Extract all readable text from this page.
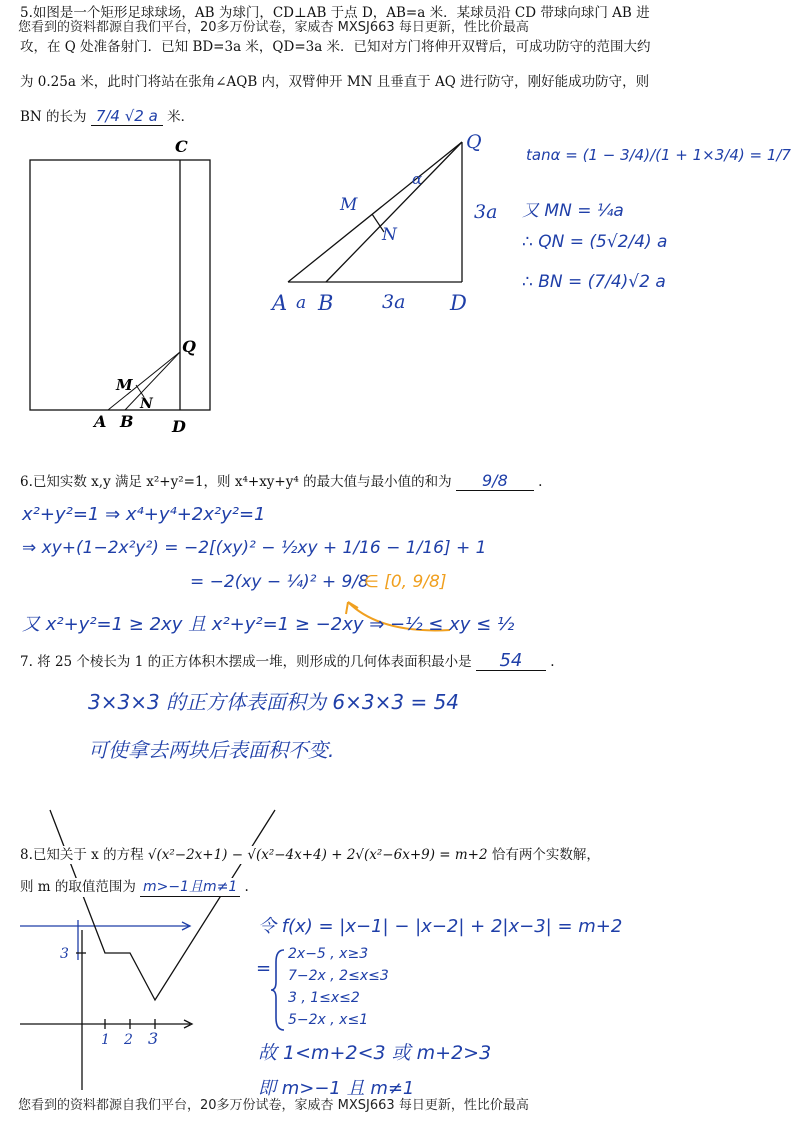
您看到的资料都源自我们平台，20多万份试卷，家威杏 MXSJ663 每日更新，性比价最高
您看到的资料都源自我们平台，20多万份试卷，家威杏 MXSJ663 每日更新，性比价最高
5.如图是一个矩形足球球场，AB 为球门，CD⊥AB 于点 D，AB=a 米．某球员沿 CD 带球向球门 AB 进
攻，在 Q 处准备射门．已知 BD=3a 米，QD=3a 米．已知对方门将伸开双臂后，可成功防守的范围大约
为 0.25a 米，此时门将站在张角∠AQB 内，双臂伸开 MN 且垂直于 AQ 进行防守，刚好能成功防守，则
BN 的长为 7/4 √2 a 米．
C
Q
M
N
A B D
Q
M
N
α
3a
A a B	3a D
tanα = (1 − 3/4)/(1 + 1×3/4) = 1/7
又 MN = ¼a
∴ QN = (5√2/4) a
∴ BN = (7/4)√2 a
6.已知实数 x,y 满足 x²+y²=1，则 x⁴+xy+y⁴ 的最大值与最小值的和为 9/8 .
x²+y²=1 ⇒ x⁴+y⁴+2x²y²=1
⇒ xy+(1−2x²y²) = −2[(xy)² − ½xy + 1/16 − 1/16] + 1
= −2(xy − ¼)² + 9/8
∈ [0, 9/8]
又 x²+y²=1 ≥ 2xy 且 x²+y²=1 ≥ −2xy ⇒ −½ ≤ xy ≤ ½
7. 将 25 个棱长为 1 的正方体积木摆成一堆，则形成的几何体表面积最小是 54 .
3×3×3 的正方体表面积为 6×3×3 = 54
可使拿去两块后表面积不变.
3
1 2 3
8.已知关于 x 的方程 √(x²−2x+1) − √(x²−4x+4) + 2√(x²−6x+9) = m+2 恰有两个实数解，
则 m 的取值范围为 m>−1且m≠1 .
令 f(x) = |x−1| − |x−2| + 2|x−3| = m+2
=
2x−5 , x≥3
7−2x , 2≤x≤3
3 , 1≤x≤2
5−2x , x≤1
故 1<m+2<3 或 m+2>3
即 m>−1 且 m≠1
